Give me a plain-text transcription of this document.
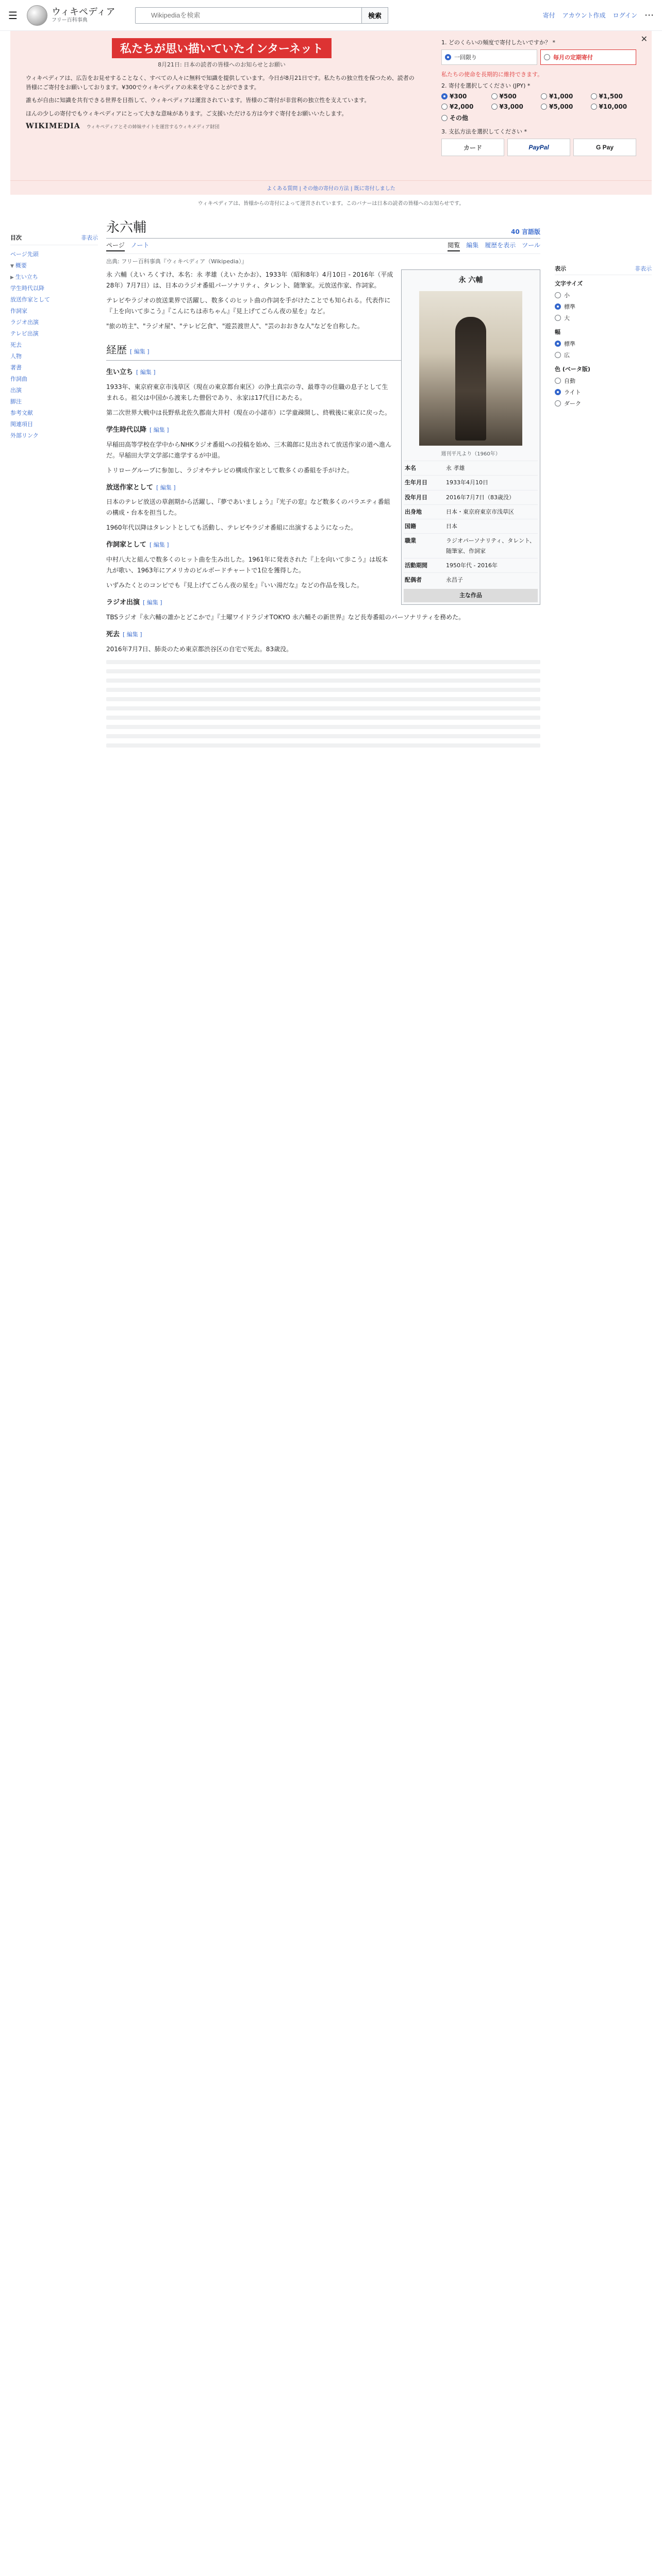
☰	ウィキペディア
フリー百科事典
Wikipediaを検索
検索	寄付 アカウント作成 ログイン ⋯
私たちが思い描いていたインターネット
8月21日: 日本の読者の皆様へのお知らせとお願い

ウィキペディアは、広告をお見せすることなく、すべての人々に無料で知識を提供しています。今日が8月21日です。私たちの独立性を保つため、読者の皆様にご寄付をお願いしております。¥300でウィキペディアの未来を守ることができます。

誰もが自由に知識を共有できる世界を目指して、ウィキペディアは運営されています。皆様のご寄付が非営利の独立性を支えています。

ほんの少しの寄付でもウィキペディアにとって大きな意味があります。ご支援いただける方は今すぐ寄付をお願いいたします。

WIKIMEDIA ウィキペディアとその姉妹サイトを運営するウィキメディア財団
1. どのくらいの頻度で寄付したいですか？ *
一回限り	毎月の定期寄付
私たちの使命を長期的に維持できます。
2. 寄付を選択してください (JPY) *
¥300	¥500	¥1,000	¥1,500
¥2,000	¥3,000	¥5,000	¥10,000
その他
3. 支払方法を選択してください *
カード	PayPal	G Pay
✕
よくある質問 | その他の寄付の方法 | 既に寄付しました
ウィキペディアは、皆様からの寄付によって運営されています。このバナーは日本の読者の皆様へのお知らせです。
目次	非表示
ページ先頭
▼ 概要
▶ 生い立ち
学生時代以降
放送作家として
作詞家
ラジオ出演
テレビ出演
死去
人物
著書
作詞曲
出演
脚注
参考文献
関連項目
外部リンク
永六輔	40 言語版
ページ ノート	閲覧 編集 履歴を表示 ツール
出典: フリー百科事典『ウィキペディア（Wikipedia）』
永 六輔
週刊平凡より（1960年）
本名	永 孝雄
生年月日	1933年4月10日
没年月日	2016年7月7日（83歳没）
出身地	日本・東京府東京市浅草区
国籍	日本
職業	ラジオパーソナリティ、タレント、随筆家、作詞家
活動期間	1950年代 - 2016年
配偶者	永昌子
主な作品

永 六輔（えい ろくすけ、本名：永 孝雄（えい たかお）、1933年（昭和8年）4月10日 - 2016年（平成28年）7月7日）は、日本のラジオ番組パーソナリティ、タレント、随筆家。元放送作家、作詞家。

テレビやラジオの放送業界で活躍し、数多くのヒット曲の作詞を手がけたことでも知られる。代表作に『上を向いて歩こう』『こんにちは赤ちゃん』『見上げてごらん夜の星を』など。

"旅の坊主"、"ラジオ屋"、"テレビ乞食"、"遊芸渡世人"、"芸のおおきな人"などを自称した。

経歴 [ 編集 ]
生い立ち [ 編集 ]

1933年、東京府東京市浅草区（現在の東京都台東区）の浄土真宗の寺、最尊寺の住職の息子として生まれる。祖父は中国から渡来した僧侶であり、永家は17代目にあたる。

第二次世界大戦中は長野県北佐久郡南大井村（現在の小諸市）に学童疎開し、終戦後に東京に戻った。

学生時代以降 [ 編集 ]

早稲田高等学校在学中からNHKラジオ番組への投稿を始め、三木鶏郎に見出されて放送作家の道へ進んだ。早稲田大学文学部に進学するが中退。

トリローグループに参加し、ラジオやテレビの構成作家として数多くの番組を手がけた。

放送作家として [ 編集 ]

日本のテレビ放送の草創期から活躍し、『夢であいましょう』『光子の窓』など数多くのバラエティ番組の構成・台本を担当した。

1960年代以降はタレントとしても活動し、テレビやラジオ番組に出演するようになった。

作詞家として [ 編集 ]

中村八大と組んで数多くのヒット曲を生み出した。1961年に発表された『上を向いて歩こう』は坂本九が歌い、1963年にアメリカのビルボードチャートで1位を獲得した。

いずみたくとのコンビでも『見上げてごらん夜の星を』『いい湯だな』などの作品を残した。

ラジオ出演 [ 編集 ]

TBSラジオ『永六輔の誰かとどこかで』『土曜ワイドラジオTOKYO 永六輔その新世界』など長寿番組のパーソナリティを務めた。

死去 [ 編集 ]

2016年7月7日、肺炎のため東京都渋谷区の自宅で死去。83歳没。

表示	非表示
文字サイズ
小
標準
大
幅
標準
広
色 (ベータ版)
自動
ライト
ダーク
